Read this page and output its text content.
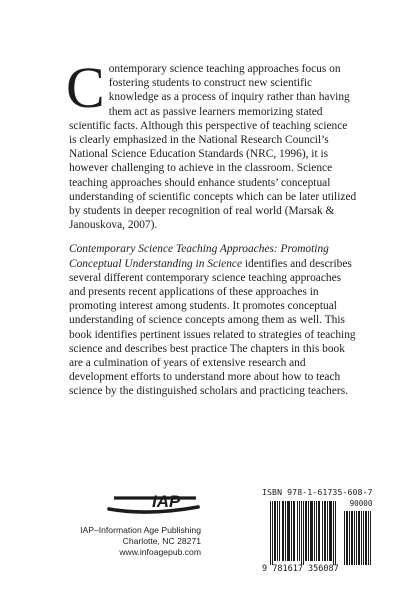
Contemporary science teaching approaches focus on fostering students to construct new scientific knowledge as a process of inquiry rather than having them act as passive learners memorizing stated scientific facts. Although this perspective of teaching science is clearly emphasized in the National Research Council’s National Science Education Standards (NRC, 1996), it is however challenging to achieve in the classroom. Science teaching approaches should enhance students’ conceptual understanding of scientific concepts which can be later utilized by students in deeper recognition of real world (Marsak & Janouskova, 2007).

Contemporary Science Teaching Approaches: Promoting Conceptual Understanding in Science identifies and describes several different contemporary science teaching approaches and presents recent applications of these approaches in promoting interest among students. It promotes conceptual understanding of science concepts among them as well. This book identifies pertinent issues related to strategies of teaching science and describes best practice The chapters in this book are a culmination of years of extensive research and development efforts to understand more about how to teach science by the distinguished scholars and practicing teachers.

IAP
IAP–Information Age Publishing
Charlotte, NC 28271
www.infoagepub.com
ISBN 978-1-61735-608-7
90000
9 781617 356087
